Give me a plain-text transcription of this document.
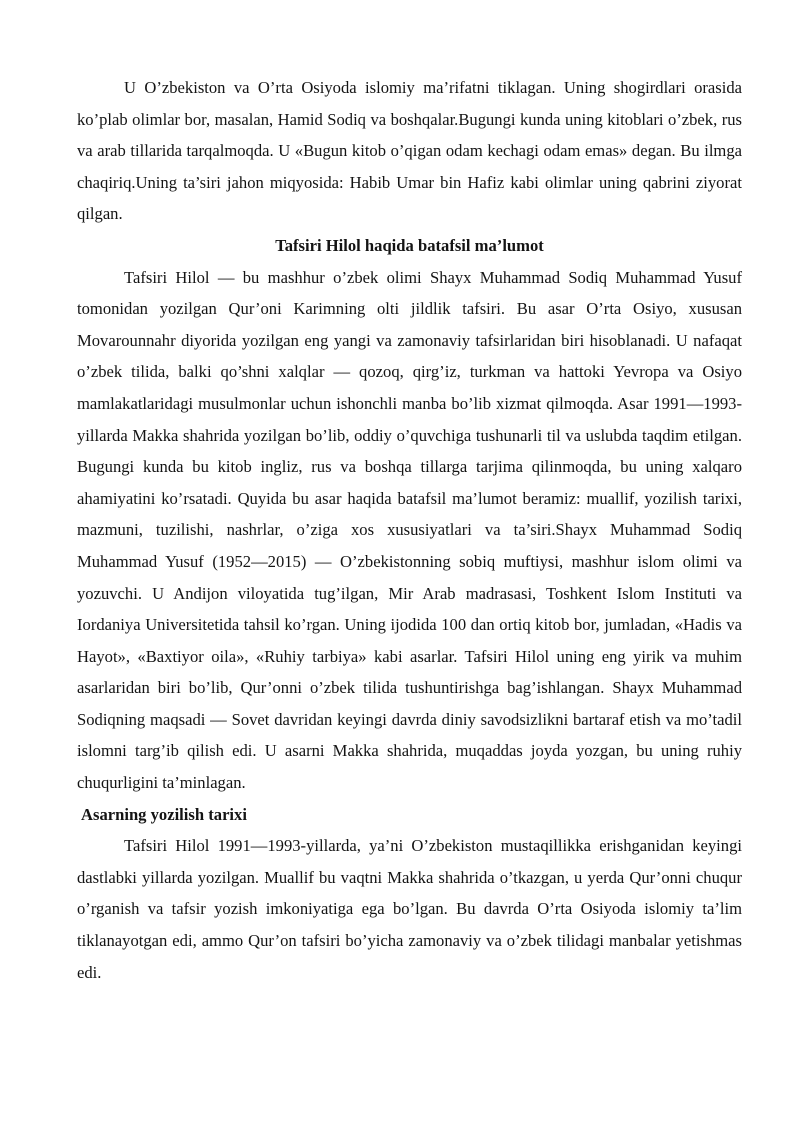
U O’zbekiston va O’rta Osiyoda islomiy ma’rifatni tiklagan. Uning shogirdlari orasida ko’plab olimlar bor, masalan, Hamid Sodiq va boshqalar.Bugungi kunda uning kitoblari o’zbek, rus va arab tillarida tarqalmoqda. U «Bugun kitob o’qigan odam kechagi odam emas» degan. Bu ilmga chaqiriq.Uning ta’siri jahon miqyosida: Habib Umar bin Hafiz kabi olimlar uning qabrini ziyorat qilgan.

Tafsiri Hilol haqida batafsil ma’lumot

Tafsiri Hilol — bu mashhur o’zbek olimi Shayx Muhammad Sodiq Muhammad Yusuf tomonidan yozilgan Qur’oni Karimning olti jildlik tafsiri. Bu asar O’rta Osiyo, xususan Movarounnahr diyorida yozilgan eng yangi va zamonaviy tafsirlaridan biri hisoblanadi. U nafaqat o’zbek tilida, balki qo’shni xalqlar — qozoq, qirg’iz, turkman va hattoki Yevropa va Osiyo mamlakatlaridagi musulmonlar uchun ishonchli manba bo’lib xizmat qilmoqda. Asar 1991—1993-yillarda Makka shahrida yozilgan bo’lib, oddiy o’quvchiga tushunarli til va uslubda taqdim etilgan. Bugungi kunda bu kitob ingliz, rus va boshqa tillarga tarjima qilinmoqda, bu uning xalqaro ahamiyatini ko’rsatadi. Quyida bu asar haqida batafsil ma’lumot beramiz: muallif, yozilish tarixi, mazmuni, tuzilishi, nashrlar, o’ziga xos xususiyatlari va ta’siri.Shayx Muhammad Sodiq Muhammad Yusuf (1952—2015) — O’zbekistonning sobiq muftiysi, mashhur islom olimi va yozuvchi. U Andijon viloyatida tug’ilgan, Mir Arab madrasasi, Toshkent Islom Instituti va Iordaniya Universitetida tahsil ko’rgan. Uning ijodida 100 dan ortiq kitob bor, jumladan, «Hadis va Hayot», «Baxtiyor oila», «Ruhiy tarbiya» kabi asarlar. Tafsiri Hilol uning eng yirik va muhim asarlaridan biri bo’lib, Qur’onni o’zbek tilida tushuntirishga bag’ishlangan. Shayx Muhammad Sodiqning maqsadi — Sovet davridan keyingi davrda diniy savodsizlikni bartaraf etish va mo’tadil islomni targ’ib qilish edi. U asarni Makka shahrida, muqaddas joyda yozgan, bu uning ruhiy chuqurligini ta’minlagan.

Asarning yozilish tarixi

Tafsiri Hilol 1991—1993-yillarda, ya’ni O’zbekiston mustaqillikka erishganidan keyingi dastlabki yillarda yozilgan. Muallif bu vaqtni Makka shahrida o’tkazgan, u yerda Qur’onni chuqur o’rganish va tafsir yozish imkoniyatiga ega bo’lgan. Bu davrda O’rta Osiyoda islomiy ta’lim tiklanayotgan edi, ammo Qur’on tafsiri bo’yicha zamonaviy va o’zbek tilidagi manbalar yetishmas edi.
